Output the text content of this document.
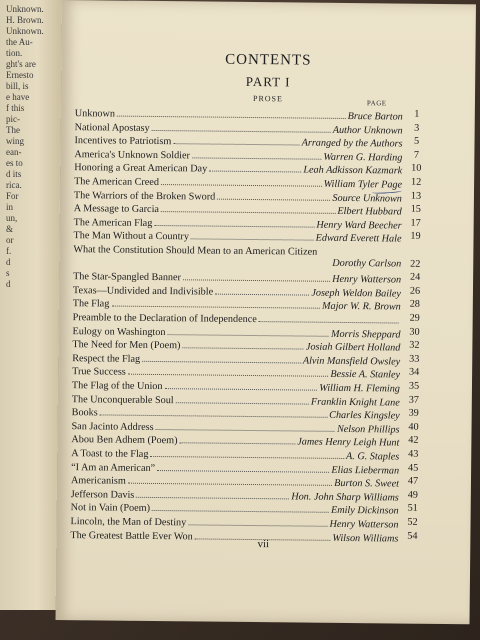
Unknown.
H. Brown.
Unknown.
the Au-
tion.
ght's are
Ernesto
bill, is
e have
f this
pic-
The
wing
ean-
es to
d its
rica.
For
in
un,
&
or
f.
d
s
d
CONTENTS
PART I
PROSE	PAGE
Unknown	Bruce Barton	1
National Apostasy	Author Unknown	3
Incentives to Patriotism	Arranged by the Authors	5
America's Unknown Soldier	Warren G. Harding	7
Honoring a Great American Day	Leah Adkisson Kazmark 10
The American Creed	William Tyler Page 12
The Warriors of the Broken Sword	Source Unknown 13
A Message to Garcia	Elbert Hubbard 15
The American Flag	Henry Ward Beecher 17
The Man Without a Country	Edward Everett Hale 19
What the Constitution Should Mean to an American Citizen
Dorothy Carlson 22
The Star-Spangled Banner	Henry Watterson 24
Texas—Undivided and Indivisible	Joseph Weldon Bailey 26
The Flag	Major W. R. Brown 28
Preamble to the Declaration of Independence	29
Eulogy on Washington	Morris Sheppard 30
The Need for Men (Poem)	Josiah Gilbert Holland 32
Respect the Flag	Alvin Mansfield Owsley 33
True Success	Bessie A. Stanley 34
The Flag of the Union	William H. Fleming 35
The Unconquerable Soul	Franklin Knight Lane 37
Books	Charles Kingsley 39
San Jacinto Address	Nelson Phillips 40
Abou Ben Adhem (Poem)	James Henry Leigh Hunt 42
A Toast to the Flag	A. G. Staples 43
“I Am an American”	Elias Lieberman 45
Americanism	Burton S. Sweet 47
Jefferson Davis	Hon. John Sharp Williams 49
Not in Vain (Poem)	Emily Dickinson 51
Lincoln, the Man of Destiny	Henry Watterson 52
The Greatest Battle Ever Won	Wilson Williams 54
vii
